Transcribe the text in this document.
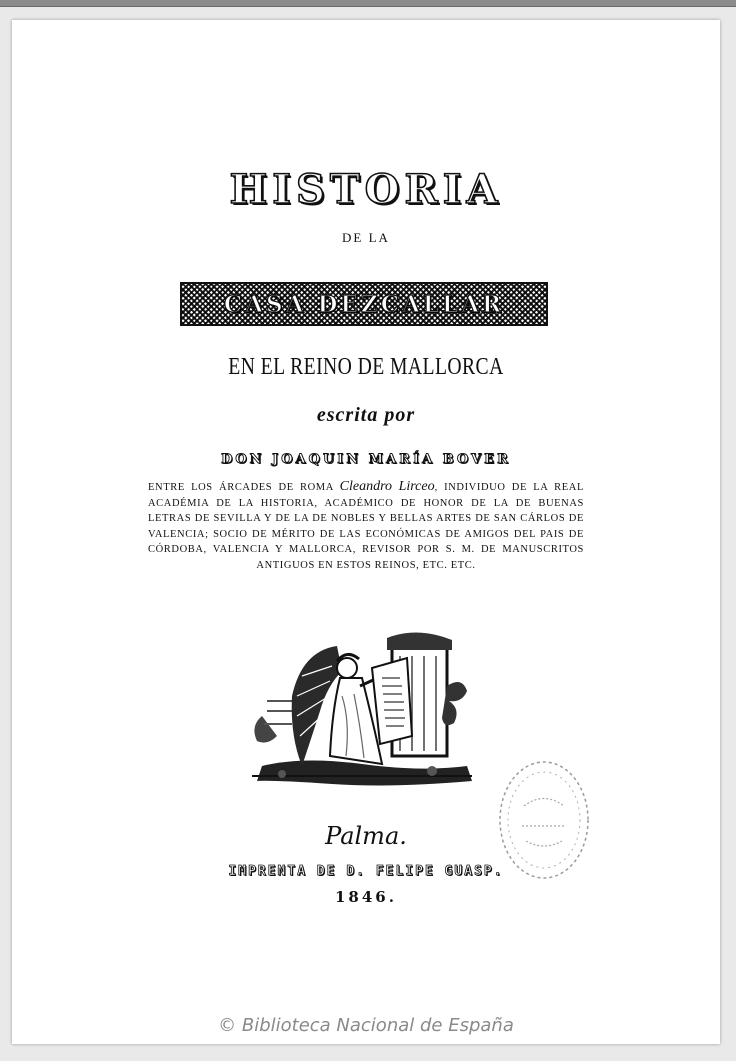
HISTORIA
DE LA
CASA DEZCALLAR
EN EL REINO DE MALLORCA
escrita por
DON JOAQUIN MARÍA BOVER
ENTRE LOS ÁRCADES DE ROMA Cleandro Lirceo, INDIVIDUO DE LA REAL ACADÉMIA DE LA HISTORIA, ACADÉMICO DE HONOR DE LA DE BUENAS LETRAS DE SEVILLA Y DE LA DE NOBLES Y BELLAS ARTES DE SAN CÁRLOS DE VALENCIA; SOCIO DE MÉRITO DE LAS ECONÓMICAS DE AMIGOS DEL PAIS DE CÓRDOBA, VALENCIA Y MALLORCA, REVISOR POR S. M. DE MANUSCRITOS ANTIGUOS EN ESTOS REINOS, ETC. ETC.
Palma.
IMPRENTA DE D. FELIPE GUASP.
1846.
© Biblioteca Nacional de España
